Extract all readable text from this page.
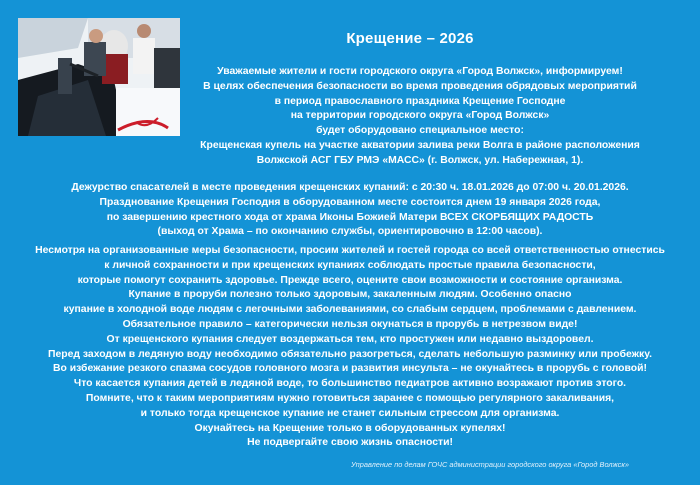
Крещение – 2026
Уважаемые жители и гости городского округа «Город Волжск», информируем!
В целях обеспечения безопасности во время проведения обрядовых мероприятий
в период православного праздника Крещение Господне
на территории городского округа «Город Волжск»
будет оборудовано специальное место:
Крещенская купель на участке акватории залива реки Волга в районе расположения
Волжской АСГ ГБУ РМЭ «МАСС» (г. Волжск, ул. Набережная, 1).
Дежурство спасателей в месте проведения крещенских купаний: с 20:30 ч. 18.01.2026 до 07:00 ч. 20.01.2026.
Празднование Крещения Господня в оборудованном месте состоится днем 19 января 2026 года,
по завершению крестного хода от храма Иконы Божией Матери ВСЕХ СКОРБЯЩИХ РАДОСТЬ
(выход от Храма – по окончанию службы, ориентировочно в 12:00 часов).
Несмотря на организованные меры безопасности, просим жителей и гостей города со всей ответственностью отнестись
к личной сохранности и при крещенских купаниях соблюдать простые правила безопасности,
которые помогут сохранить здоровье. Прежде всего, оцените свои возможности и состояние организма.
Купание в проруби полезно только здоровым, закаленным людям. Особенно опасно
купание в холодной воде людям с легочными заболеваниями, со слабым сердцем, проблемами с давлением.
Обязательное правило – категорически нельзя окунаться в прорубь в нетрезвом виде!
От крещенского купания следует воздержаться тем, кто простужен или недавно выздоровел.
Перед заходом в ледяную воду необходимо обязательно разогреться, сделать небольшую разминку или пробежку.
Во избежание резкого спазма сосудов головного мозга и развития инсульта – не окунайтесь в прорубь с головой!
Что касается купания детей в ледяной воде, то большинство педиатров активно возражают против этого.
Помните, что к таким мероприятиям нужно готовиться заранее с помощью регулярного закаливания,
и только тогда крещенское купание не станет сильным стрессом для организма.
Окунайтесь на Крещение только в оборудованных купелях!
Не подвергайте свою жизнь опасности!
Управление по делам ГОЧС администрации городского округа «Город Волжск»
